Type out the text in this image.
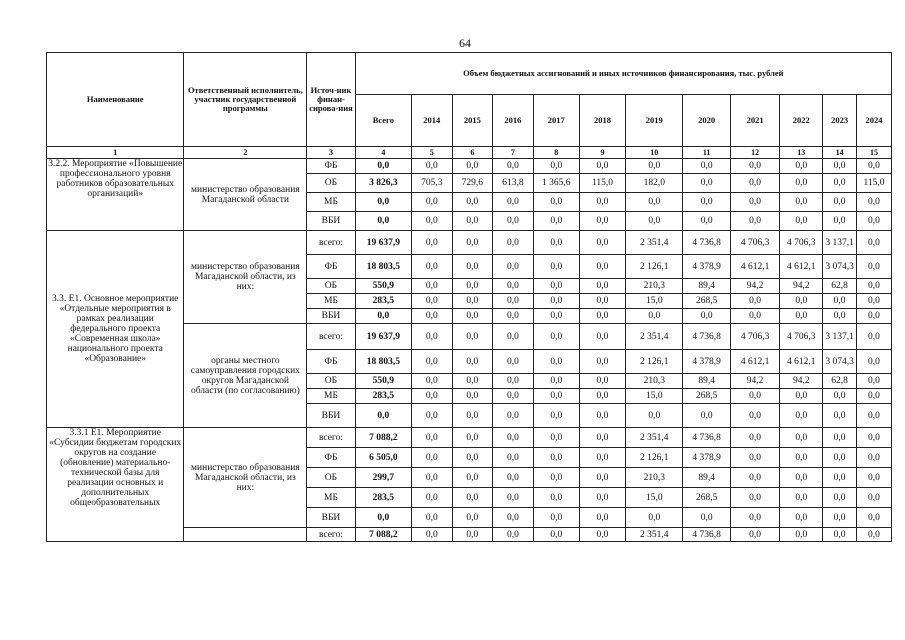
64
Наименование	Ответственный исполнитель, участник государственной программы	Источ-ник финан-сирова-ния	Объем бюджетных ассигнований и иных источников финансирования, тыс. рублей											
			Всего	2014	2015	2016	2017	2018	2019	2020	2021	2022	2023	2024
1	2	3	4	5	6	7	8	9	10	11	12	13	14	15
3.2.2. Мероприятие «Повышение профессионального уровня работников образовательных организаций»	министерство образования Магаданской области	ФБ	0,0	0,0	0,0	0,0	0,0	0,0	0,0	0,0	0,0	0,0	0,0	0,0
		ОБ	3 826,3	705,3	729,6	613,8	1 365,6	115,0	182,0	0,0	0,0	0,0	0,0	115,0
		МБ	0,0	0,0	0,0	0,0	0,0	0,0	0,0	0,0	0,0	0,0	0,0	0,0
		ВБИ	0,0	0,0	0,0	0,0	0,0	0,0	0,0	0,0	0,0	0,0	0,0	0,0
3.3. Е1. Основное мероприятие «Отдельные мероприятия в рамках реализации федерального проекта «Современная школа» национального проекта «Образование»	министерство образования Магаданской области, из них:	всего:	19 637,9	0,0	0,0	0,0	0,0	0,0	2 351,4	4 736,8	4 706,3	4 706,3	3 137,1	0,0
		ФБ	18 803,5	0,0	0,0	0,0	0,0	0,0	2 126,1	4 378,9	4 612,1	4 612,1	3 074,3	0,0
		ОБ	550,9	0,0	0,0	0,0	0,0	0,0	210,3	89,4	94,2	94,2	62,8	0,0
		МБ	283,5	0,0	0,0	0,0	0,0	0,0	15,0	268,5	0,0	0,0	0,0	0,0
		ВБИ	0,0	0,0	0,0	0,0	0,0	0,0	0,0	0,0	0,0	0,0	0,0	0,0
	органы местного самоуправления городских округов Магаданской области (по согласованию)	всего:	19 637,9	0,0	0,0	0,0	0,0	0,0	2 351,4	4 736,8	4 706,3	4 706,3	3 137,1	0,0
		ФБ	18 803,5	0,0	0,0	0,0	0,0	0,0	2 126,1	4 378,9	4 612,1	4 612,1	3 074,3	0,0
		ОБ	550,9	0,0	0,0	0,0	0,0	0,0	210,3	89,4	94,2	94,2	62,8	0,0
		МБ	283,5	0,0	0,0	0,0	0,0	0,0	15,0	268,5	0,0	0,0	0,0	0,0
		ВБИ	0,0	0,0	0,0	0,0	0,0	0,0	0,0	0,0	0,0	0,0	0,0	0,0
3.3.1 Е1. Мероприятие «Субсидии бюджетам городских округов на создание (обновление) материально-технической базы для реализации основных и дополнительных общеобразовательных	министерство образования Магаданской области, из них:	всего:	7 088,2	0,0	0,0	0,0	0,0	0,0	2 351,4	4 736,8	0,0	0,0	0,0	0,0
		ФБ	6 505,0	0,0	0,0	0,0	0,0	0,0	2 126,1	4 378,9	0,0	0,0	0,0	0,0
		ОБ	299,7	0,0	0,0	0,0	0,0	0,0	210,3	89,4	0,0	0,0	0,0	0,0
		МБ	283,5	0,0	0,0	0,0	0,0	0,0	15,0	268,5	0,0	0,0	0,0	0,0
		ВБИ	0,0	0,0	0,0	0,0	0,0	0,0	0,0	0,0	0,0	0,0	0,0	0,0
		всего:	7 088,2	0,0	0,0	0,0	0,0	0,0	2 351,4	4 736,8	0,0	0,0	0,0	0,0
